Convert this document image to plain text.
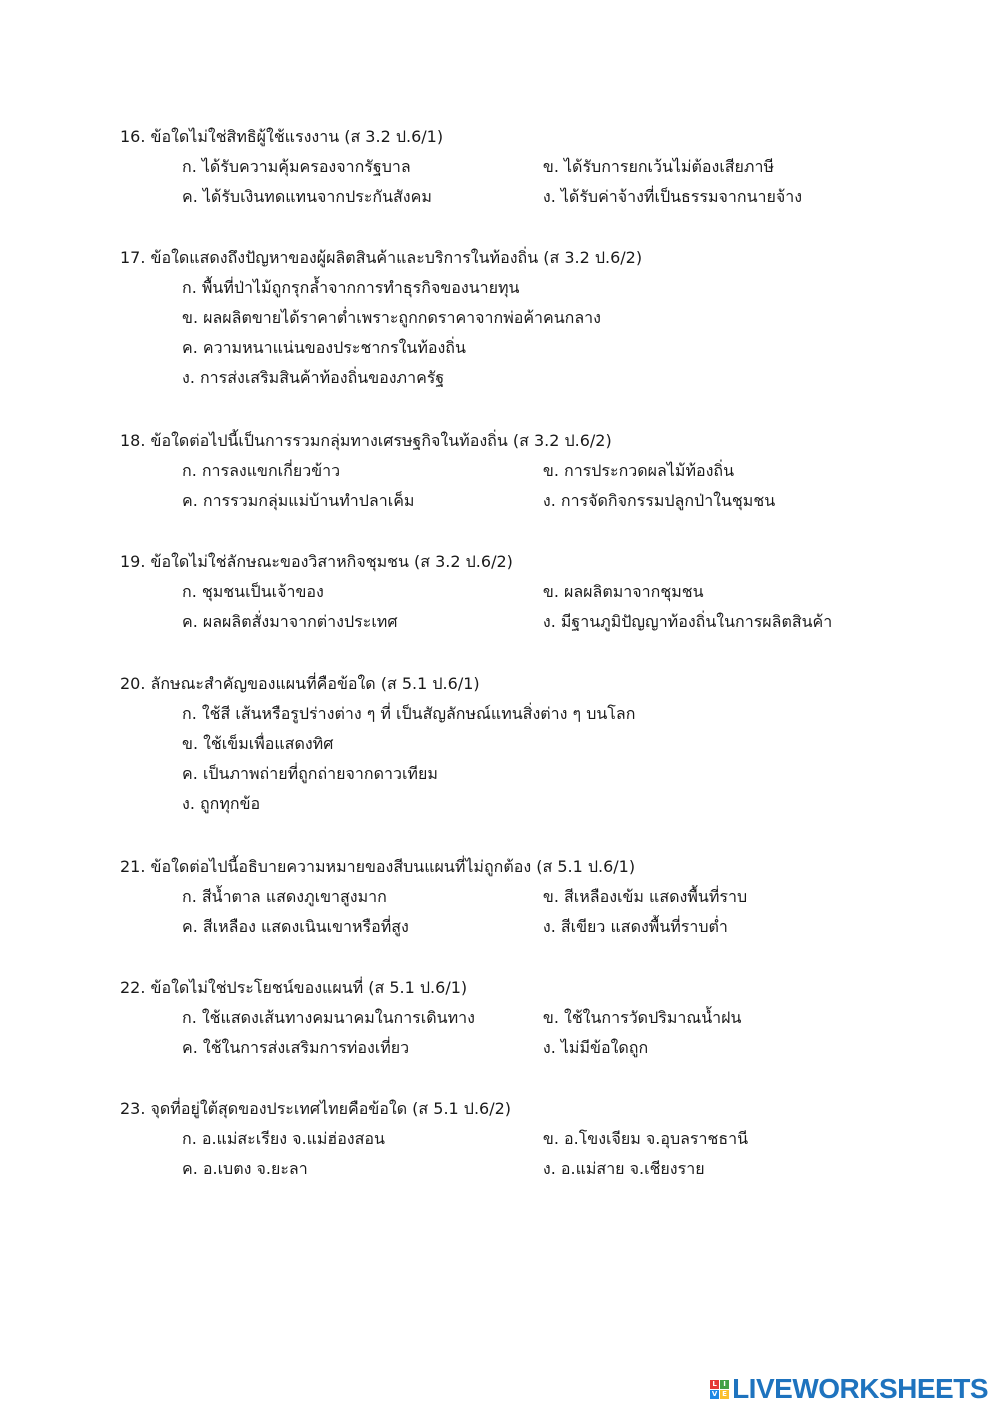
16. ข้อใดไม่ใช่สิทธิผู้ใช้แรงงาน (ส 3.2 ป.6/1)
ก. ได้รับความคุ้มครองจากรัฐบาล	ข. ได้รับการยกเว้นไม่ต้องเสียภาษี
ค. ได้รับเงินทดแทนจากประกันสังคม	ง. ได้รับค่าจ้างที่เป็นธรรมจากนายจ้าง
17. ข้อใดแสดงถึงปัญหาของผู้ผลิตสินค้าและบริการในท้องถิ่น (ส 3.2 ป.6/2)
ก. พื้นที่ป่าไม้ถูกรุกล้ำจากการทำธุรกิจของนายทุน
ข. ผลผลิตขายได้ราคาต่ำเพราะถูกกดราคาจากพ่อค้าคนกลาง
ค. ความหนาแน่นของประชากรในท้องถิ่น
ง. การส่งเสริมสินค้าท้องถิ่นของภาครัฐ
18. ข้อใดต่อไปนี้เป็นการรวมกลุ่มทางเศรษฐกิจในท้องถิ่น (ส 3.2 ป.6/2)
ก. การลงแขกเกี่ยวข้าว	ข. การประกวดผลไม้ท้องถิ่น
ค. การรวมกลุ่มแม่บ้านทำปลาเค็ม	ง. การจัดกิจกรรมปลูกป่าในชุมชน
19. ข้อใดไม่ใช่ลักษณะของวิสาหกิจชุมชน (ส 3.2 ป.6/2)
ก. ชุมชนเป็นเจ้าของ	ข. ผลผลิตมาจากชุมชน
ค. ผลผลิตสั่งมาจากต่างประเทศ	ง. มีฐานภูมิปัญญาท้องถิ่นในการผลิตสินค้า
20. ลักษณะสำคัญของแผนที่คือข้อใด (ส 5.1 ป.6/1)
ก. ใช้สี เส้นหรือรูปร่างต่าง ๆ ที่ เป็นสัญลักษณ์แทนสิ่งต่าง ๆ บนโลก
ข. ใช้เข็มเพื่อแสดงทิศ
ค. เป็นภาพถ่ายที่ถูกถ่ายจากดาวเทียม
ง. ถูกทุกข้อ
21. ข้อใดต่อไปนี้อธิบายความหมายของสีบนแผนที่ไม่ถูกต้อง (ส 5.1 ป.6/1)
ก. สีน้ำตาล แสดงภูเขาสูงมาก	ข. สีเหลืองเข้ม แสดงพื้นที่ราบ
ค. สีเหลือง แสดงเนินเขาหรือที่สูง	ง. สีเขียว แสดงพื้นที่ราบต่ำ
22. ข้อใดไม่ใช่ประโยชน์ของแผนที่ (ส 5.1 ป.6/1)
ก. ใช้แสดงเส้นทางคมนาคมในการเดินทาง	ข. ใช้ในการวัดปริมาณน้ำฝน
ค. ใช้ในการส่งเสริมการท่องเที่ยว	ง. ไม่มีข้อใดถูก
23. จุดที่อยู่ใต้สุดของประเทศไทยคือข้อใด (ส 5.1 ป.6/2)
ก. อ.แม่สะเรียง จ.แม่ฮ่องสอน	ข. อ.โขงเจียม จ.อุบลราชธานี
ค. อ.เบตง จ.ยะลา	ง. อ.แม่สาย จ.เชียงราย
L I
V E LIVEWORKSHEETS
